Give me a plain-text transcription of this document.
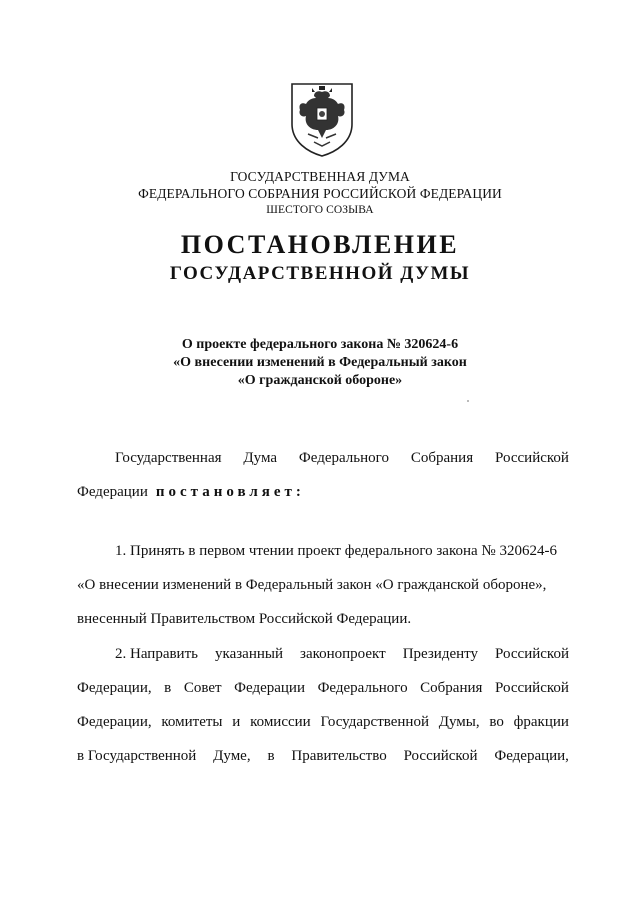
ГОСУДАРСТВЕННАЯ ДУМА
ФЕДЕРАЛЬНОГО СОБРАНИЯ РОССИЙСКОЙ ФЕДЕРАЦИИ
ШЕСТОГО СОЗЫВА
ПОСТАНОВЛЕНИЕ
ГОСУДАРСТВЕННОЙ ДУМЫ
О проекте федерального закона № 320624-6
«О внесении изменений в Федеральный закон
«О гражданской обороне»
Государственная Дума Федерального Собрания Российской
Федерации постановляет:
1. Принять в первом чтении проект федерального закона № 320624-6
«О внесении изменений в Федеральный закон «О гражданской обороне»,
внесенный Правительством Российской Федерации.
2. Направить указанный законопроект Президенту Российской
Федерации, в Совет Федерации Федерального Собрания Российской
Федерации, комитеты и комиссии Государственной Думы, во фракции
в Государственной Думе, в Правительство Российской Федерации,
